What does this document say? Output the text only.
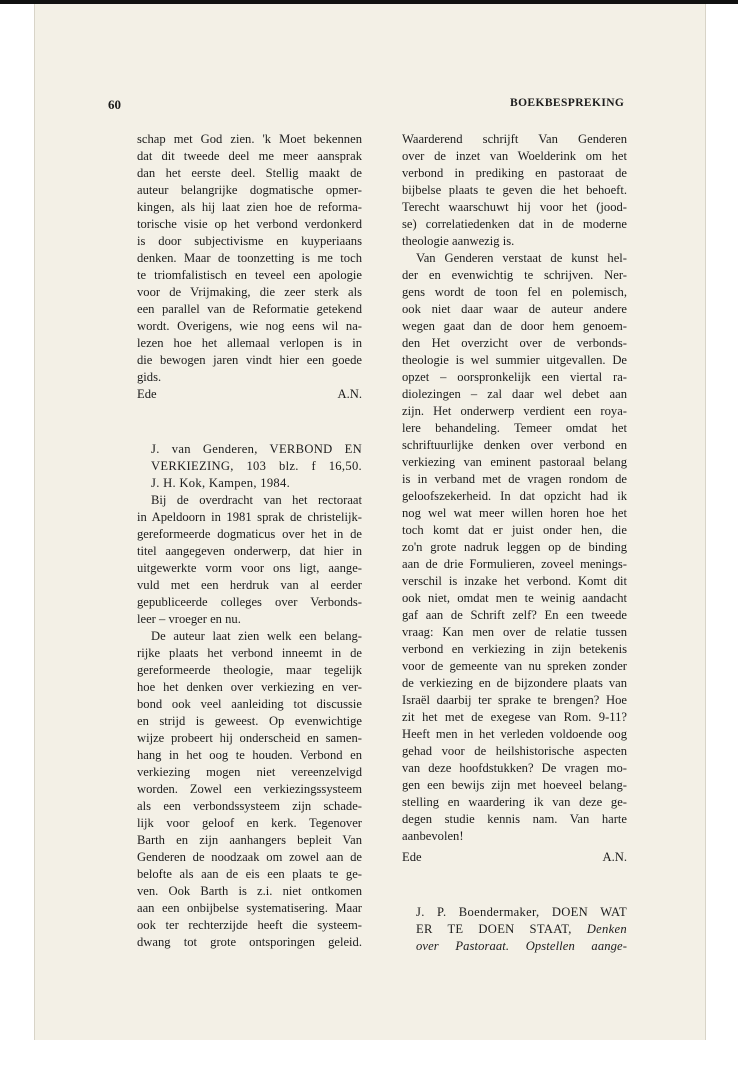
60	BOEKBESPREKING
schap met God zien. 'k Moet bekennen
dat dit tweede deel me meer aansprak
dan het eerste deel. Stellig maakt de
auteur belangrijke dogmatische opmer-
kingen, als hij laat zien hoe de reforma-
torische visie op het verbond verdonkerd
is door subjectivisme en kuyperiaans
denken. Maar de toonzetting is me toch
te triomfalistisch en teveel een apologie
voor de Vrijmaking, die zeer sterk als
een parallel van de Reformatie getekend
wordt. Overigens, wie nog eens wil na-
lezen hoe het allemaal verlopen is in
die bewogen jaren vindt hier een goede
gids.
Ede	A.N.
J. van Genderen, VERBOND EN
VERKIEZING, 103 blz. f 16,50.
J. H. Kok, Kampen, 1984.
Bij de overdracht van het rectoraat
in Apeldoorn in 1981 sprak de christelijk-
gereformeerde dogmaticus over het in de
titel aangegeven onderwerp, dat hier in
uitgewerkte vorm voor ons ligt, aange-
vuld met een herdruk van al eerder
gepubliceerde colleges over Verbonds-
leer – vroeger en nu.
De auteur laat zien welk een belang-
rijke plaats het verbond inneemt in de
gereformeerde theologie, maar tegelijk
hoe het denken over verkiezing en ver-
bond ook veel aanleiding tot discussie
en strijd is geweest. Op evenwichtige
wijze probeert hij onderscheid en samen-
hang in het oog te houden. Verbond en
verkiezing mogen niet vereenzelvigd
worden. Zowel een verkiezingssysteem
als een verbondssysteem zijn schade-
lijk voor geloof en kerk. Tegenover
Barth en zijn aanhangers bepleit Van
Genderen de noodzaak om zowel aan de
belofte als aan de eis een plaats te ge-
ven. Ook Barth is z.i. niet ontkomen
aan een onbijbelse systematisering. Maar
ook ter rechterzijde heeft die systeem-
dwang tot grote ontsporingen geleid.
Waarderend schrijft Van Genderen
over de inzet van Woelderink om het
verbond in prediking en pastoraat de
bijbelse plaats te geven die het behoeft.
Terecht waarschuwt hij voor het (jood-
se) correlatiedenken dat in de moderne
theologie aanwezig is.
Van Genderen verstaat de kunst hel-
der en evenwichtig te schrijven. Ner-
gens wordt de toon fel en polemisch,
ook niet daar waar de auteur andere
wegen gaat dan de door hem genoem-
den Het overzicht over de verbonds-
theologie is wel summier uitgevallen. De
opzet – oorspronkelijk een viertal ra-
diolezingen – zal daar wel debet aan
zijn. Het onderwerp verdient een roya-
lere behandeling. Temeer omdat het
schriftuurlijke denken over verbond en
verkiezing van eminent pastoraal belang
is in verband met de vragen rondom de
geloofszekerheid. In dat opzicht had ik
nog wel wat meer willen horen hoe het
toch komt dat er juist onder hen, die
zo'n grote nadruk leggen op de binding
aan de drie Formulieren, zoveel menings-
verschil is inzake het verbond. Komt dit
ook niet, omdat men te weinig aandacht
gaf aan de Schrift zelf? En een tweede
vraag: Kan men over de relatie tussen
verbond en verkiezing in zijn betekenis
voor de gemeente van nu spreken zonder
de verkiezing en de bijzondere plaats van
Israël daarbij ter sprake te brengen? Hoe
zit het met de exegese van Rom. 9-11?
Heeft men in het verleden voldoende oog
gehad voor de heilshistorische aspecten
van deze hoofdstukken? De vragen mo-
gen een bewijs zijn met hoeveel belang-
stelling en waardering ik van deze ge-
degen studie kennis nam. Van harte
aanbevolen!
Ede	A.N.
J. P. Boendermaker, DOEN WAT
ER TE DOEN STAAT, Denken
over Pastoraat. Opstellen aange-
